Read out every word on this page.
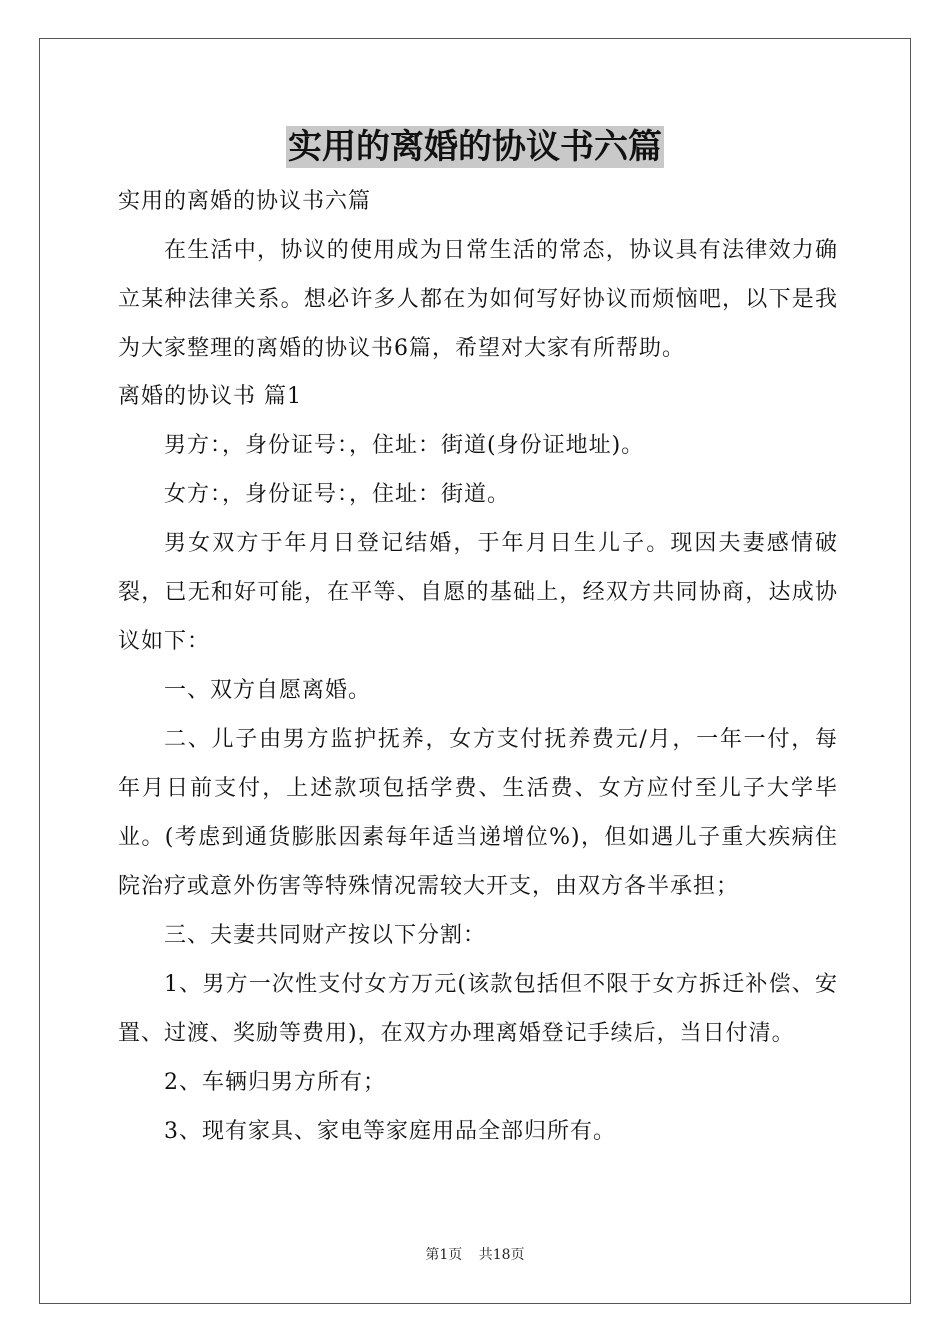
实用的离婚的协议书六篇
实用的离婚的协议书六篇
在生活中，协议的使用成为日常生活的常态，协议具有法律效力确立某种法律关系。想必许多人都在为如何写好协议而烦恼吧，以下是我为大家整理的离婚的协议书6篇，希望对大家有所帮助。
离婚的协议书 篇1
男方：，身份证号：，住址：街道(身份证地址)。
女方：，身份证号：，住址：街道。
男女双方于年月日登记结婚，于年月日生儿子。现因夫妻感情破裂，已无和好可能，在平等、自愿的基础上，经双方共同协商，达成协议如下：
一、双方自愿离婚。
二、儿子由男方监护抚养，女方支付抚养费元/月，一年一付，每年月日前支付，上述款项包括学费、生活费、女方应付至儿子大学毕业。(考虑到通货膨胀因素每年适当递增位%)，但如遇儿子重大疾病住院治疗或意外伤害等特殊情况需较大开支，由双方各半承担；
三、夫妻共同财产按以下分割：
1、男方一次性支付女方万元(该款包括但不限于女方拆迁补偿、安置、过渡、奖励等费用)，在双方办理离婚登记手续后，当日付清。
2、车辆归男方所有；
3、现有家具、家电等家庭用品全部归所有。
第1页 共18页
